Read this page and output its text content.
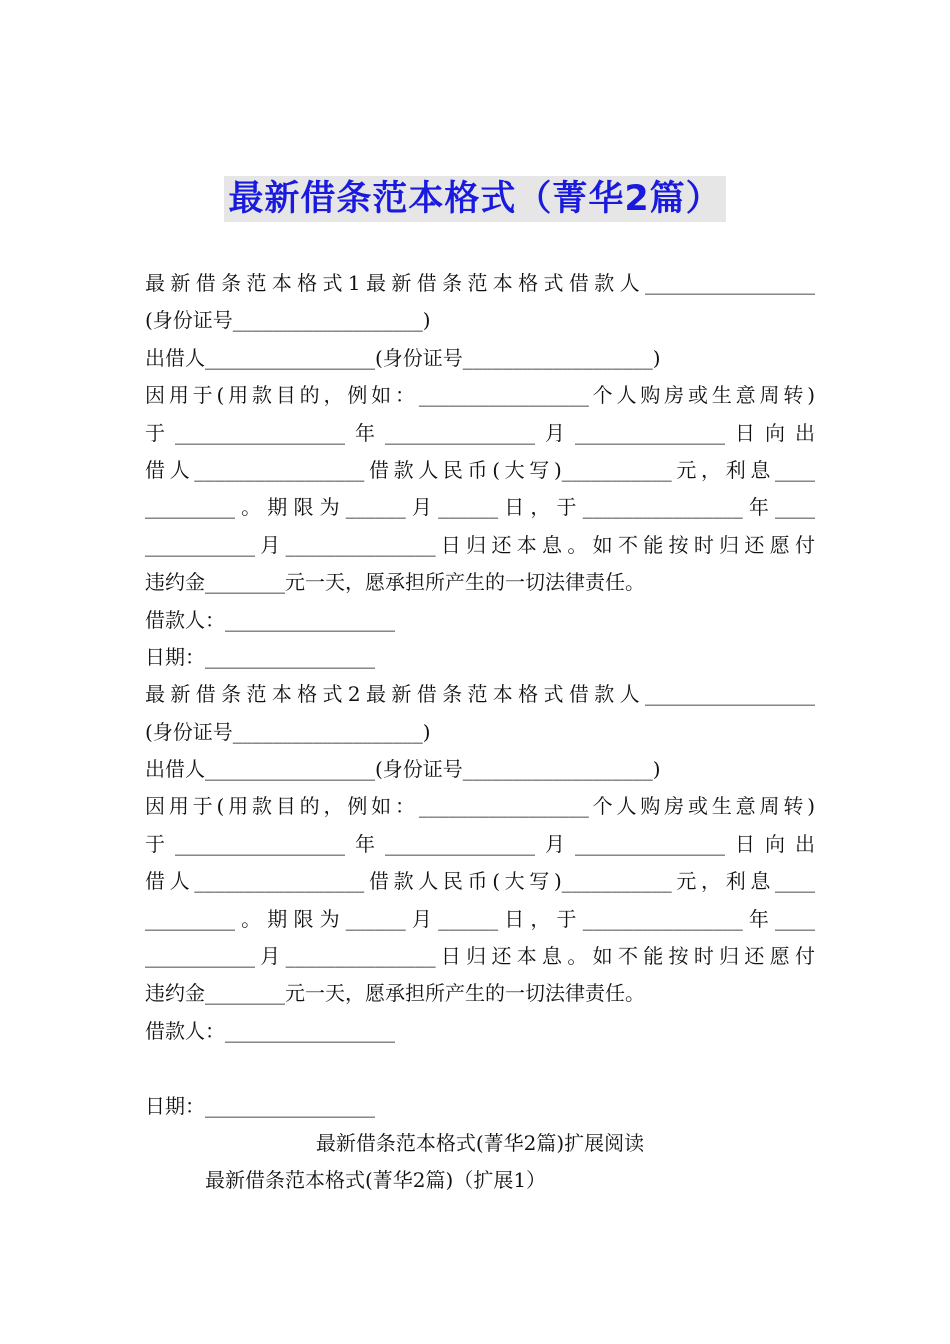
最新借条范本格式（菁华2篇）
最新借条范本格式1最新借条范本格式借款人_________________
(身份证号___________________)
出借人_________________(身份证号___________________)
因用于(用款目的，例如：_________________个人购房或生意周转)
于_________________年_______________月_______________日向出
借人_________________借款人民币(大写)___________元，利息____
_________。期限为______月______日，于________________年____
___________月_______________日归还本息。如不能按时归还愿付
违约金________元一天，愿承担所产生的一切法律责任。
借款人：_________________
日期：_________________
最新借条范本格式2最新借条范本格式借款人_________________
(身份证号___________________)
出借人_________________(身份证号___________________)
因用于(用款目的，例如：_________________个人购房或生意周转)
于_________________年_______________月_______________日向出
借人_________________借款人民币(大写)___________元，利息____
_________。期限为______月______日，于________________年____
___________月_______________日归还本息。如不能按时归还愿付
违约金________元一天，愿承担所产生的一切法律责任。
借款人：_________________
日期：_________________
最新借条范本格式(菁华2篇)扩展阅读
最新借条范本格式(菁华2篇)（扩展1）
